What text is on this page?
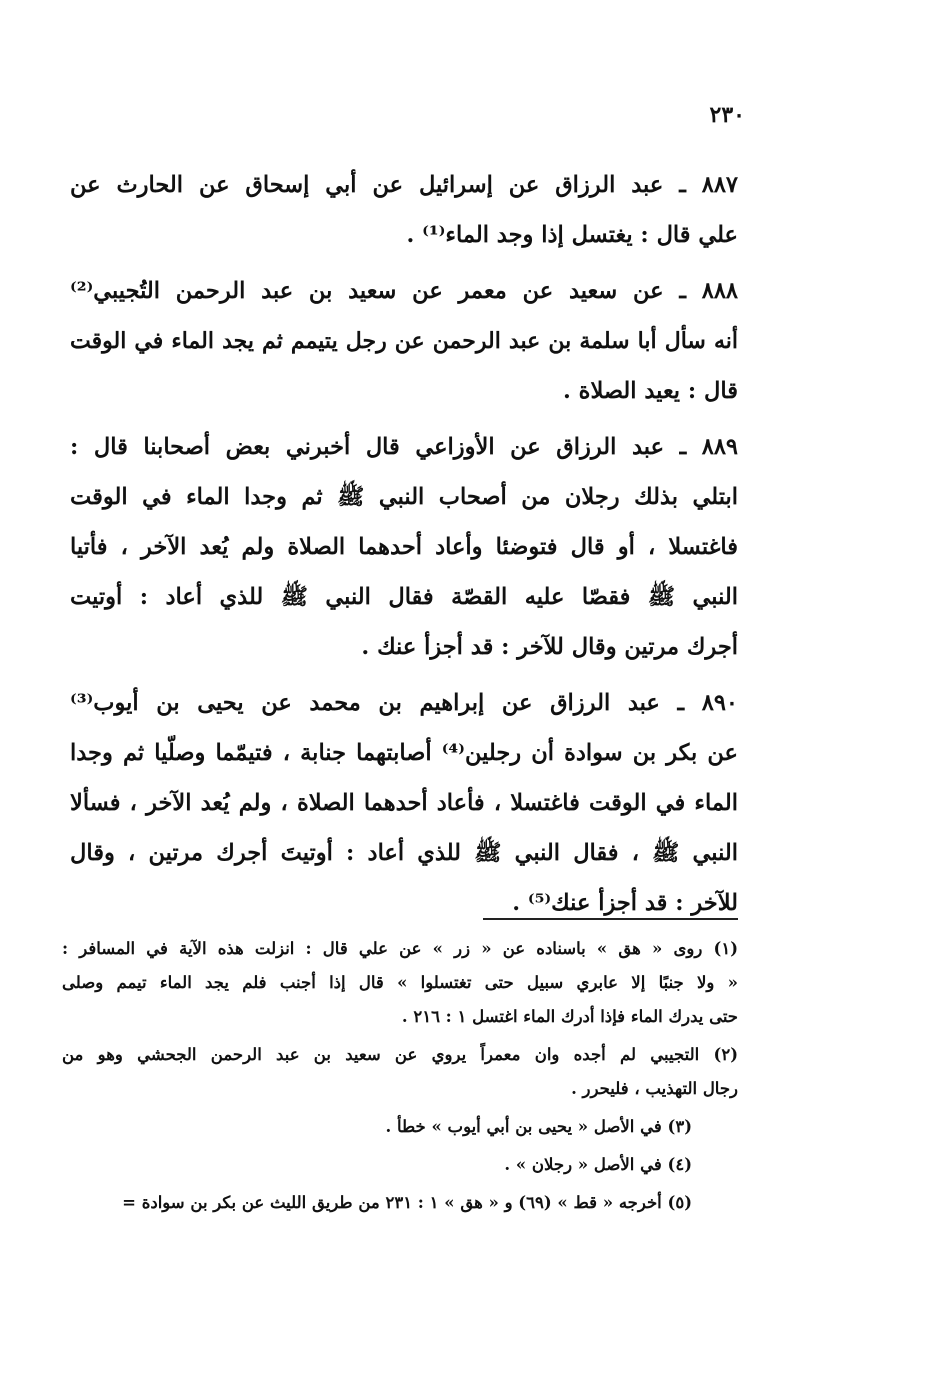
٢٣٠
٨٨٧ ـ عبد الرزاق عن إسرائيل عن أبي إسحاق عن الحارث عن
علي قال : يغتسل إذا وجد الماء⁽¹⁾ .
٨٨٨ ـ عن سعيد عن معمر عن سعيد بن عبد الرحمن التُجيبي⁽²⁾
أنه سأل أبا سلمة بن عبد الرحمن عن رجل يتيمم ثم يجد الماء في الوقت
قال : يعيد الصلاة .
٨٨٩ ـ عبد الرزاق عن الأوزاعي قال أخبرني بعض أصحابنا قال :
ابتلي بذلك رجلان من أصحاب النبي ﷺ ثم وجدا الماء في الوقت
فاغتسلا ، أو قال فتوضئا وأعاد أحدهما الصلاة ولم يُعد الآخر ، فأتيا
النبي ﷺ فقصّا عليه القصّة فقال النبي ﷺ للذي أعاد : أوتيت
أجرك مرتين وقال للآخر : قد أجزأ عنك .
٨٩٠ ـ عبد الرزاق عن إبراهيم بن محمد عن يحيى بن أيوب⁽³⁾
عن بكر بن سوادة أن رجلين⁽⁴⁾ أصابتهما جنابة ، فتيمّما وصلّيا ثم وجدا
الماء في الوقت فاغتسلا ، فأعاد أحدهما الصلاة ، ولم يُعد الآخر ، فسألا
النبي ﷺ ، فقال النبي ﷺ للذي أعاد : أوتيتَ أجرك مرتين ، وقال
للآخر : قد أجزأ عنك⁽⁵⁾ .
(١) روى « هق » باسناده عن « زر » عن علي قال : انزلت هذه الآية في المسافر :
« ولا جنبًا إلا عابري سبيل حتى تغتسلوا » قال إذا أجنب فلم يجد الماء تيمم وصلى
حتى يدرك الماء فإذا أدرك الماء اغتسل ١ : ٢١٦ .
(٢) التجيبي لم أجده وان معمراً يروي عن سعيد بن عبد الرحمن الجحشي وهو من
رجال التهذيب ، فليحرر .
(٣) في الأصل « يحيى بن أبي أيوب » خطأ .
(٤) في الأصل « رجلان » .
(٥) أخرجه « قط » (٦٩) و « هق » ١ : ٢٣١ من طريق الليث عن بكر بن سوادة =
